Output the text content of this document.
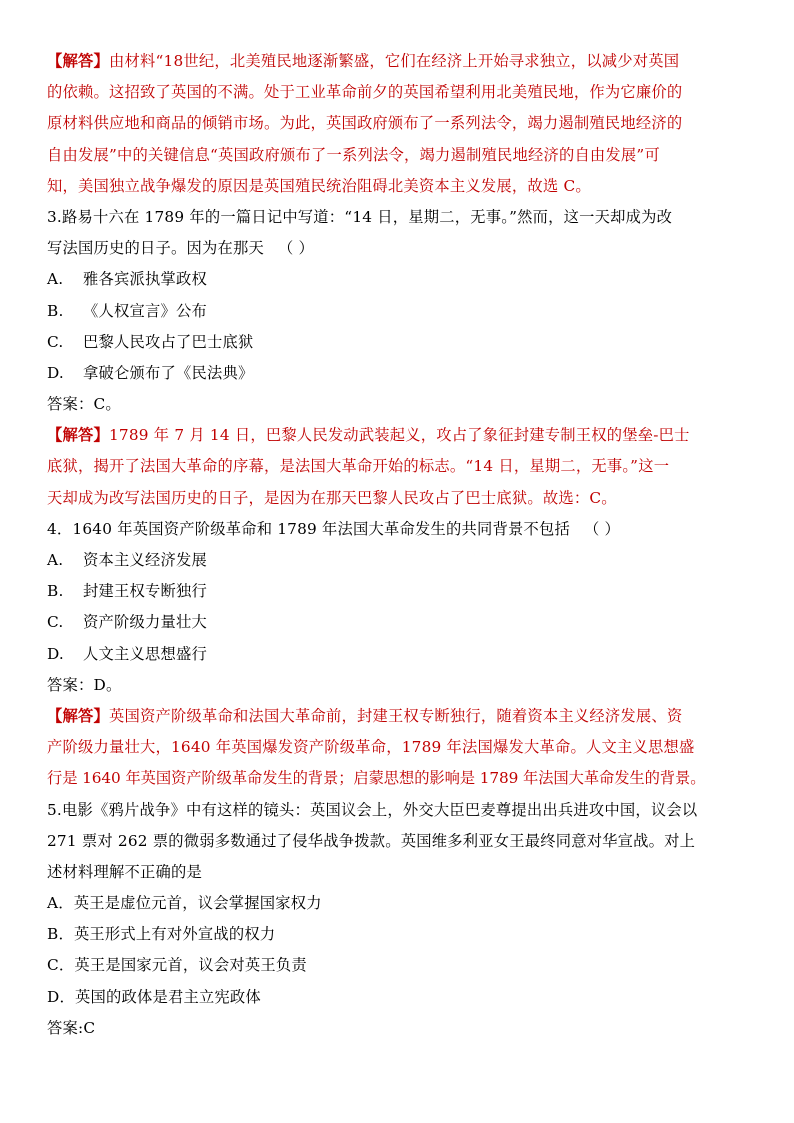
【解答】由材料“18世纪，北美殖民地逐渐繁盛，它们在经济上开始寻求独立，以减少对英国
的依赖。这招致了英国的不满。处于工业革命前夕的英国希望利用北美殖民地，作为它廉价的
原材料供应地和商品的倾销市场。为此，英国政府颁布了一系列法令，竭力遏制殖民地经济的
自由发展”中的关键信息“英国政府颁布了一系列法令，竭力遏制殖民地经济的自由发展”可
知，美国独立战争爆发的原因是英国殖民统治阻碍北美资本主义发展，故选 C。
3.路易十六在 1789 年的一篇日记中写道：“14 日，星期二，无事。”然而，这一天却成为改
写法国历史的日子。因为在那天 （ ）
A. 雅各宾派执掌政权
B. 《人权宣言》公布
C. 巴黎人民攻占了巴士底狱
D. 拿破仑颁布了《民法典》
答案：C。
【解答】1789 年 7 月 14 日，巴黎人民发动武装起义，攻占了象征封建专制王权的堡垒-巴士
底狱，揭开了法国大革命的序幕，是法国大革命开始的标志。“14 日，星期二，无事。”这一
天却成为改写法国历史的日子，是因为在那天巴黎人民攻占了巴士底狱。故选：C。
4．1640 年英国资产阶级革命和 1789 年法国大革命发生的共同背景不包括 （ ）
A. 资本主义经济发展
B. 封建王权专断独行
C. 资产阶级力量壮大
D. 人文主义思想盛行
答案：D。
【解答】英国资产阶级革命和法国大革命前，封建王权专断独行，随着资本主义经济发展、资
产阶级力量壮大，1640 年英国爆发资产阶级革命，1789 年法国爆发大革命。人文主义思想盛
行是 1640 年英国资产阶级革命发生的背景；启蒙思想的影响是 1789 年法国大革命发生的背景。
5.电影《鸦片战争》中有这样的镜头：英国议会上，外交大臣巴麦尊提出出兵进攻中国，议会以
271 票对 262 票的微弱多数通过了侵华战争拨款。英国维多利亚女王最终同意对华宣战。对上
述材料理解不正确的是
A．英王是虚位元首，议会掌握国家权力
B．英王形式上有对外宣战的权力
C．英王是国家元首，议会对英王负责
D．英国的政体是君主立宪政体
答案:C
